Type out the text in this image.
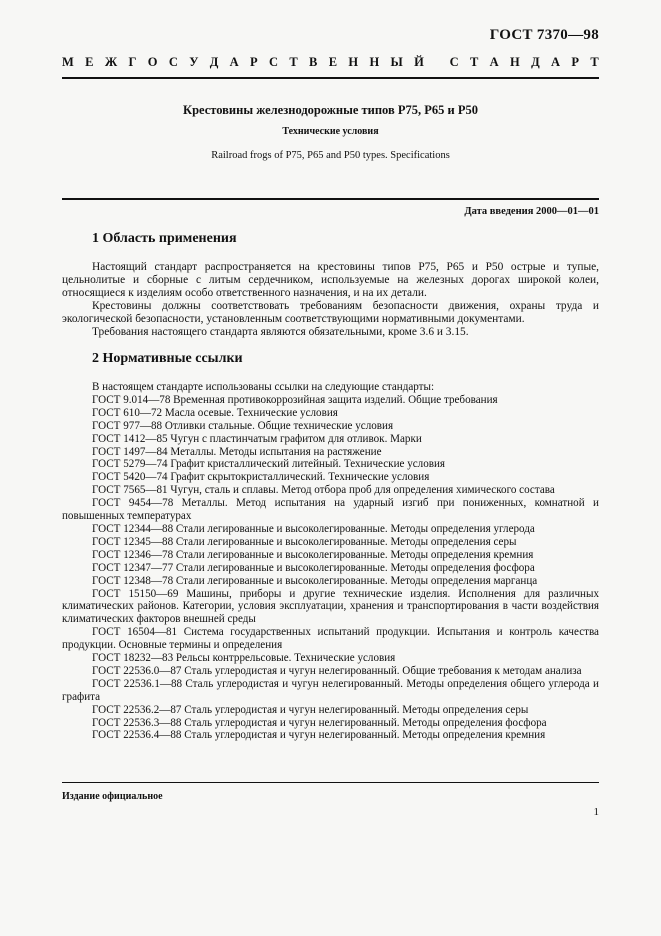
ГОСТ 7370—98
М Е Ж Г О С У Д А Р С Т В Е Н Н Ы Й
С Т А Н Д А Р Т
Крестовины железнодорожные типов Р75, Р65 и Р50
Технические условия
Railroad frogs of P75, P65 and P50 types. Specifications
Дата введения 2000—01—01
1 Область применения

Настоящий стандарт распространяется на крестовины типов Р75, Р65 и Р50 острые и тупые, цельнолитые и сборные с литым сердечником, используемые на железных дорогах широкой колеи, относящиеся к изделиям особо ответственного назначения, и на их детали.

Крестовины должны соответствовать требованиям безопасности движения, охраны труда и экологической безопасности, установленным соответствующими нормативными документами.

Требования настоящего стандарта являются обязательными, кроме 3.6 и 3.15.

2 Нормативные ссылки

В настоящем стандарте использованы ссылки на следующие стандарты:

ГОСТ 9.014—78 Временная противокоррозийная защита изделий. Общие требования

ГОСТ 610—72 Масла осевые. Технические условия

ГОСТ 977—88 Отливки стальные. Общие технические условия

ГОСТ 1412—85 Чугун с пластинчатым графитом для отливок. Марки

ГОСТ 1497—84 Металлы. Методы испытания на растяжение

ГОСТ 5279—74 Графит кристаллический литейный. Технические условия

ГОСТ 5420—74 Графит скрытокристаллический. Технические условия

ГОСТ 7565—81 Чугун, сталь и сплавы. Метод отбора проб для определения химического состава

ГОСТ 9454—78 Металлы. Метод испытания на ударный изгиб при пониженных, комнатной и повышенных температурах

ГОСТ 12344—88 Стали легированные и высоколегированные. Методы определения углерода

ГОСТ 12345—88 Стали легированные и высоколегированные. Методы определения серы

ГОСТ 12346—78 Стали легированные и высоколегированные. Методы определения кремния

ГОСТ 12347—77 Стали легированные и высоколегированные. Методы определения фосфора

ГОСТ 12348—78 Стали легированные и высоколегированные. Методы определения марганца

ГОСТ 15150—69 Машины, приборы и другие технические изделия. Исполнения для различных климатических районов. Категории, условия эксплуатации, хранения и транспортирования в части воздействия климатических факторов внешней среды

ГОСТ 16504—81 Система государственных испытаний продукции. Испытания и контроль качества продукции. Основные термины и определения

ГОСТ 18232—83 Рельсы контррельсовые. Технические условия

ГОСТ 22536.0—87 Сталь углеродистая и чугун нелегированный. Общие требования к методам анализа

ГОСТ 22536.1—88 Сталь углеродистая и чугун нелегированный. Методы определения общего углерода и графита

ГОСТ 22536.2—87 Сталь углеродистая и чугун нелегированный. Методы определения серы

ГОСТ 22536.3—88 Сталь углеродистая и чугун нелегированный. Методы определения фосфора

ГОСТ 22536.4—88 Сталь углеродистая и чугун нелегированный. Методы определения кремния

Издание официальное
1
